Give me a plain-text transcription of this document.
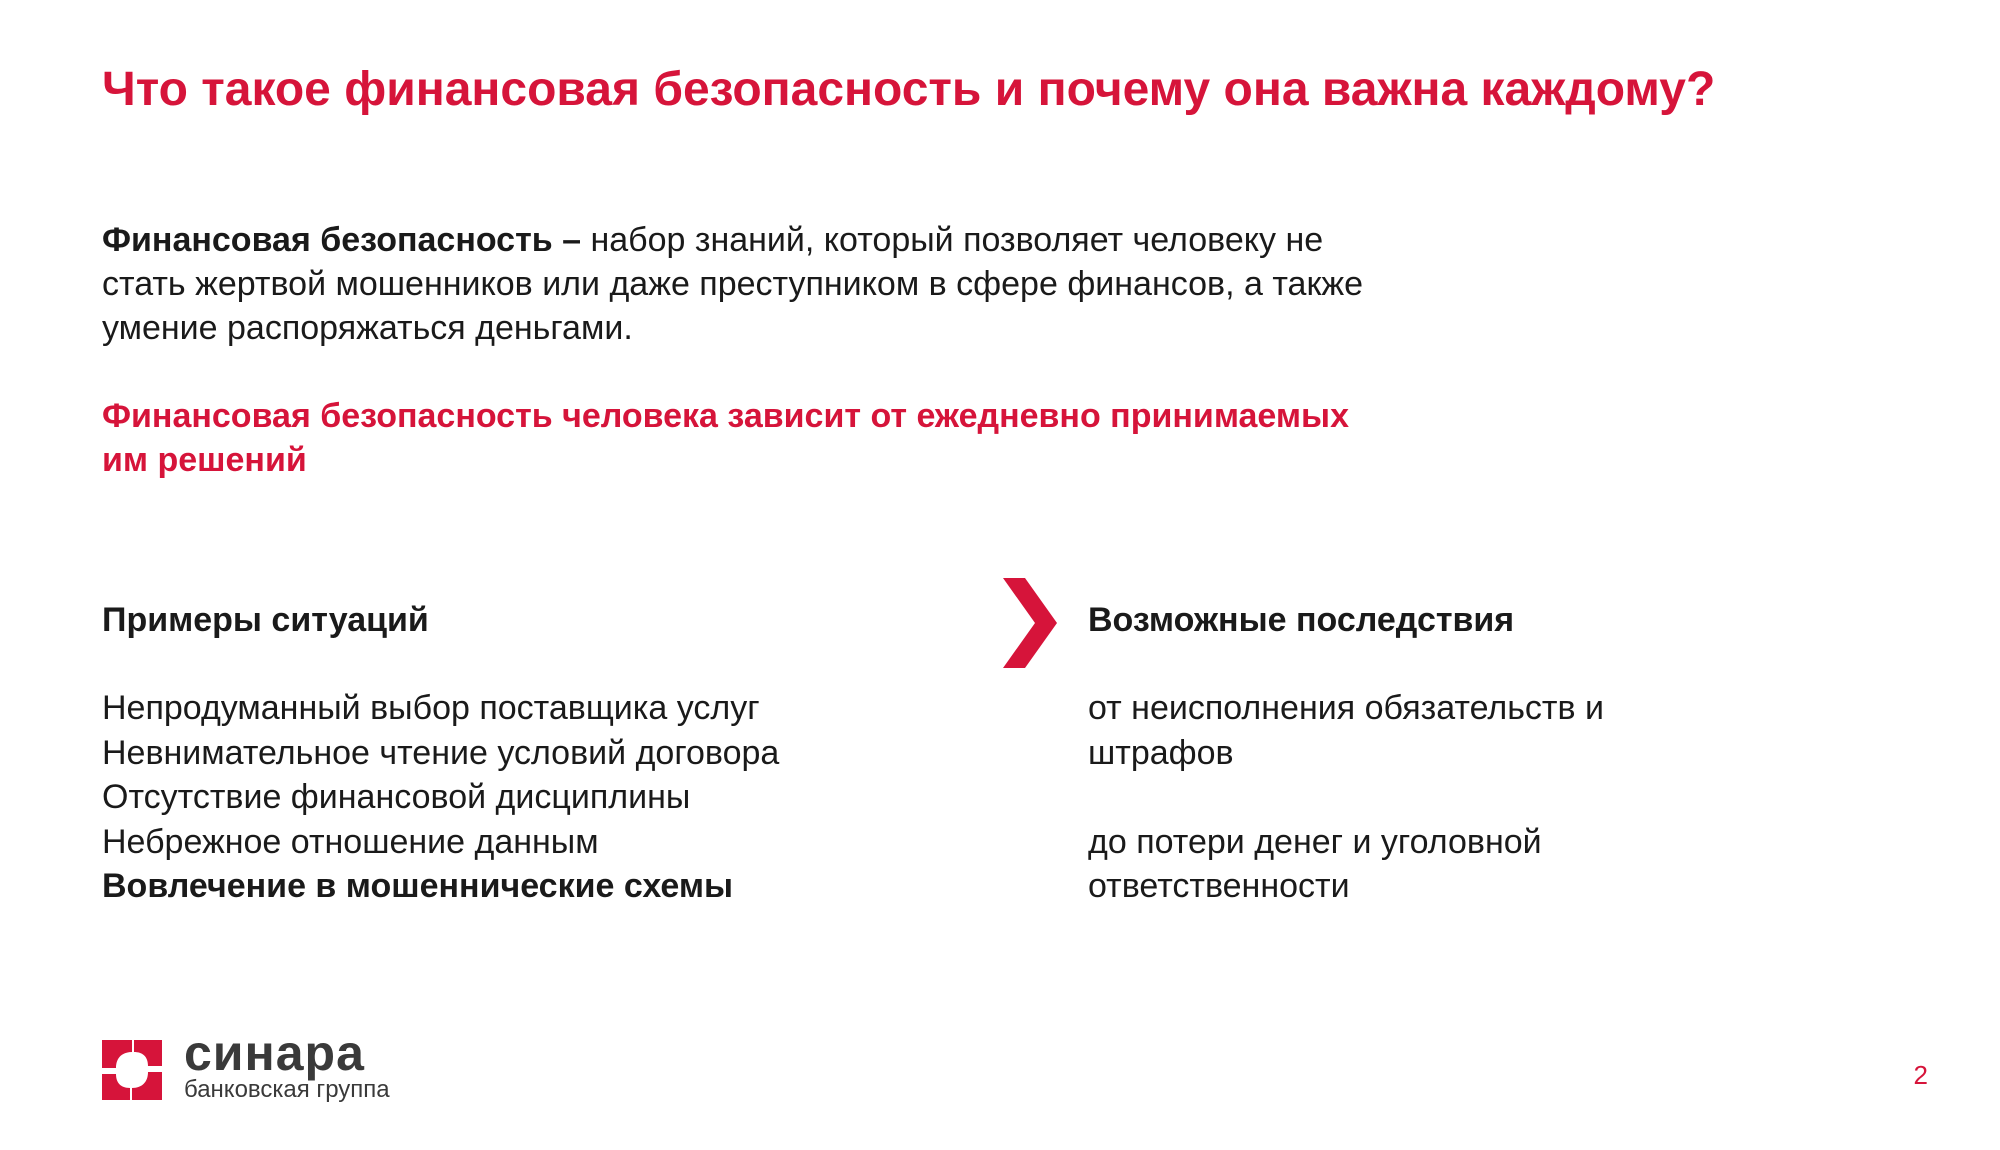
Что такое финансовая безопасность и почему она важна каждому?

Финансовая безопасность – набор знаний, который позволяет человеку не стать жертвой мошенников или даже преступником в сфере финансов, а также умение распоряжаться деньгами.

Финансовая безопасность человека зависит от ежедневно принимаемых им решений

Примеры ситуаций
Непродуманный выбор поставщика услуг
Невнимательное чтение условий договора
Отсутствие финансовой дисциплины
Небрежное отношение данным
Вовлечение в мошеннические схемы
Возможные последствия

от неисполнения обязательств и штрафов

до потери денег и уголовной ответственности

синара
банковская группа	2
